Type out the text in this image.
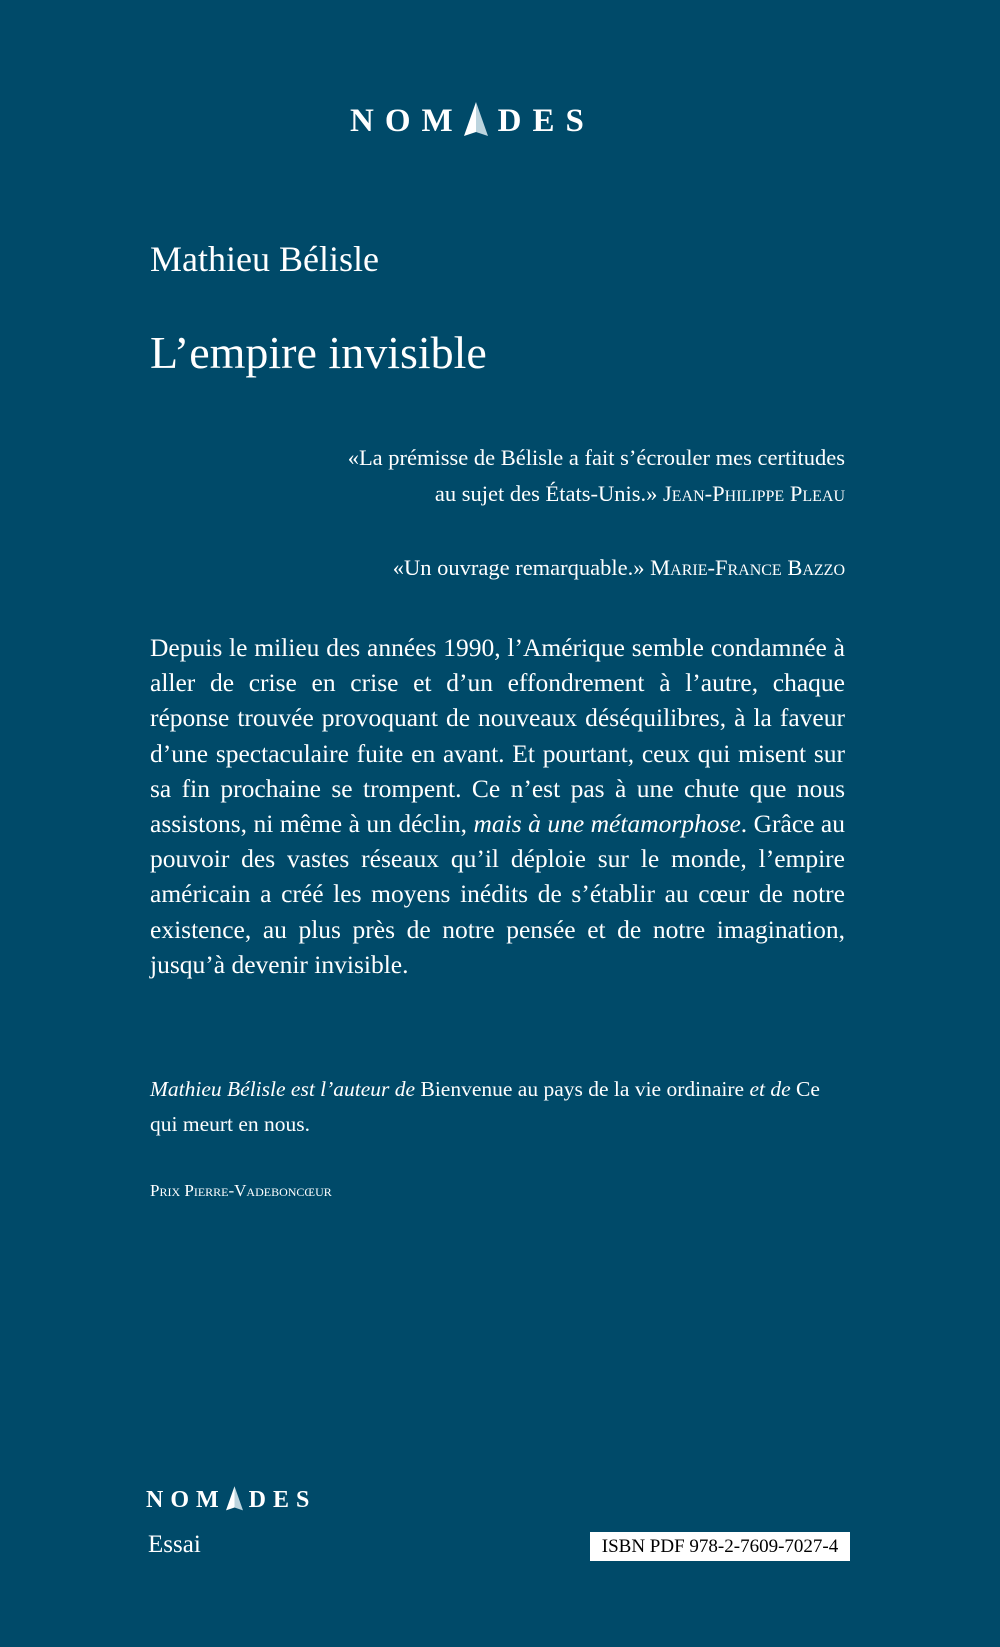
NOM DES
Mathieu Bélisle
L’empire invisible
«La prémisse de Bélisle a fait s’écrouler mes certitudes
au sujet des États-Unis.» Jean-Philippe Pleau
«Un ouvrage remarquable.» Marie-France Bazzo
Depuis le milieu des années 1990, l’Amérique semble condamnée à aller de crise en crise et d’un effondrement à l’autre, chaque réponse trouvée provoquant de nouveaux déséquilibres, à la faveur d’une spectaculaire fuite en avant. Et pourtant, ceux qui misent sur sa fin prochaine se trompent. Ce n’est pas à une chute que nous assistons, ni même à un déclin, mais à une métamorphose. Grâce au pouvoir des vastes réseaux qu’il déploie sur le monde, l’empire américain a créé les moyens inédits de s’établir au cœur de notre existence, au plus près de notre pensée et de notre imagination, jusqu’à devenir invisible.
Mathieu Bélisle est l’auteur de Bienvenue au pays de la vie ordinaire et de Ce qui meurt en nous.
Prix Pierre-Vadeboncœur
NOM DES
Essai	ISBN PDF 978-2-7609-7027-4
